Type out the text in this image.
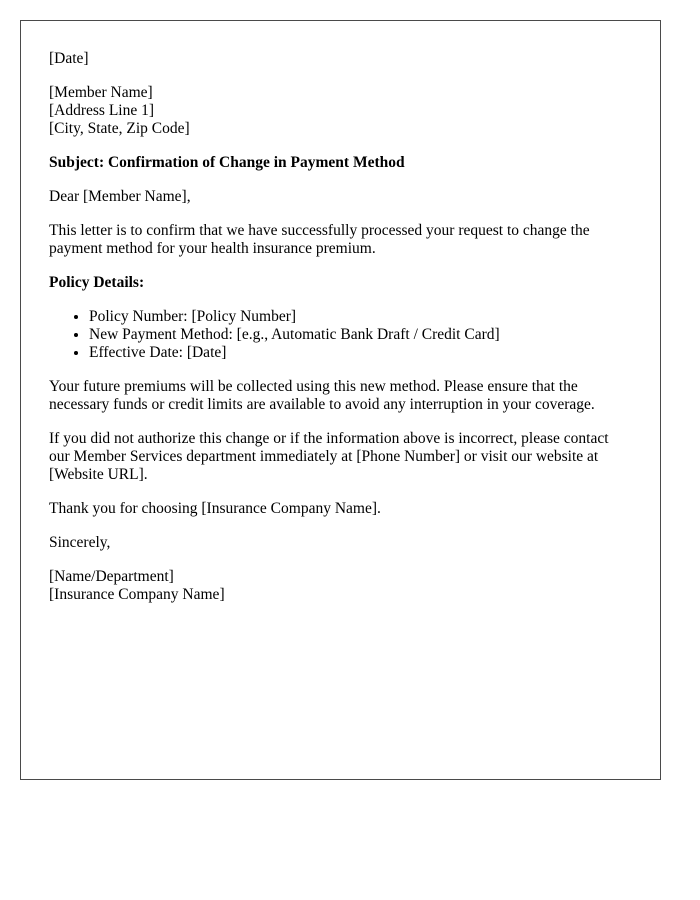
[Date]

[Member Name]
[Address Line 1]
[City, State, Zip Code]

Subject: Confirmation of Change in Payment Method

Dear [Member Name],

This letter is to confirm that we have successfully processed your request to change the payment method for your health insurance premium.

Policy Details:

• Policy Number: [Policy Number]
• New Payment Method: [e.g., Automatic Bank Draft / Credit Card]
• Effective Date: [Date]

Your future premiums will be collected using this new method. Please ensure that the necessary funds or credit limits are available to avoid any interruption in your coverage.

If you did not authorize this change or if the information above is incorrect, please contact our Member Services department immediately at [Phone Number] or visit our website at [Website URL].

Thank you for choosing [Insurance Company Name].

Sincerely,

[Name/Department]
[Insurance Company Name]
